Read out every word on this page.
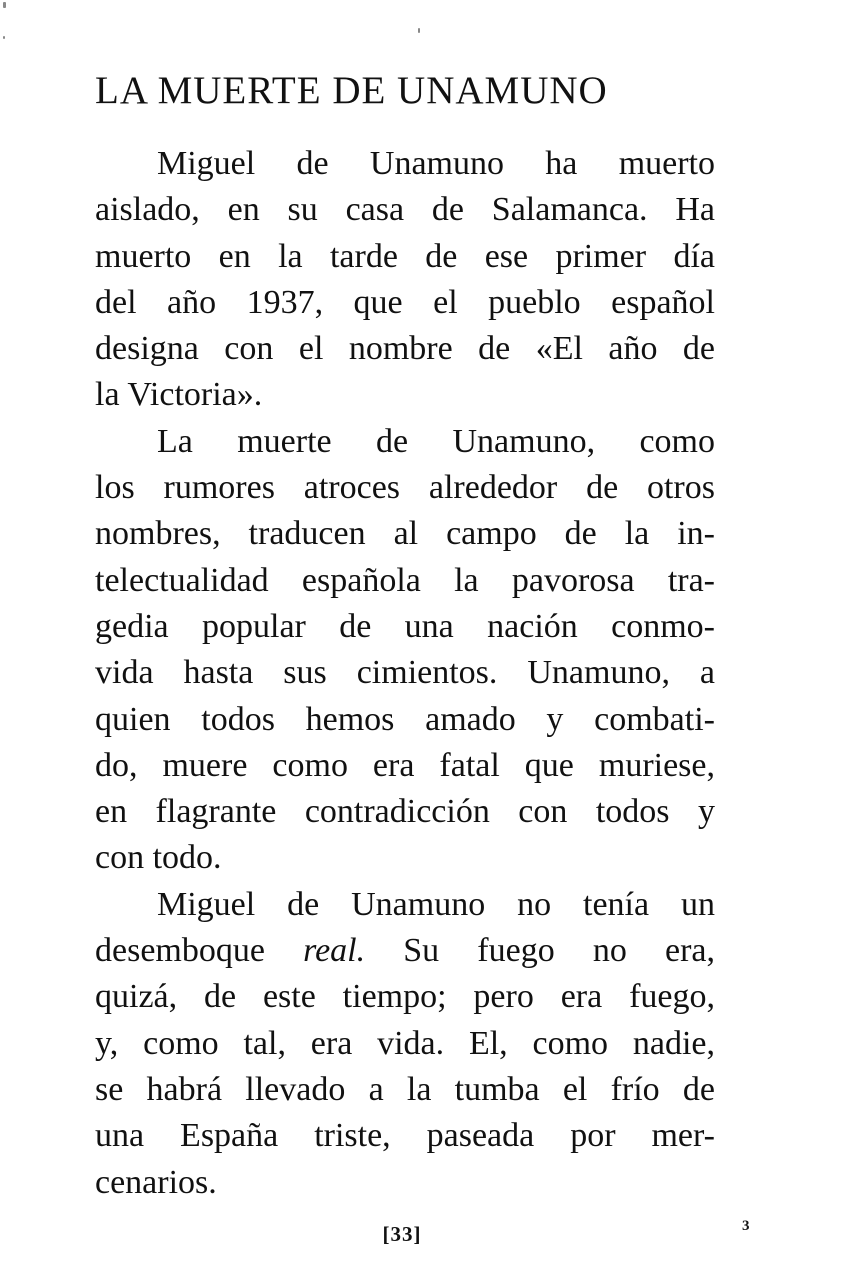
LA MUERTE DE UNAMUNO

Miguel de Unamuno ha muerto
aislado, en su casa de Salamanca. Ha
muerto en la tarde de ese primer día
del año 1937, que el pueblo español
designa con el nombre de «El año de
la Victoria».

La muerte de Unamuno, como
los rumores atroces alrededor de otros
nombres, traducen al campo de la in-
telectualidad española la pavorosa tra-
gedia popular de una nación conmo-
vida hasta sus cimientos. Unamuno, a
quien todos hemos amado y combati-
do, muere como era fatal que muriese,
en flagrante contradicción con todos y
con todo.

Miguel de Unamuno no tenía un
desemboque real. Su fuego no era,
quizá, de este tiempo; pero era fuego,
y, como tal, era vida. El, como nadie,
se habrá llevado a la tumba el frío de
una España triste, paseada por mer-
cenarios.

[33]	3
